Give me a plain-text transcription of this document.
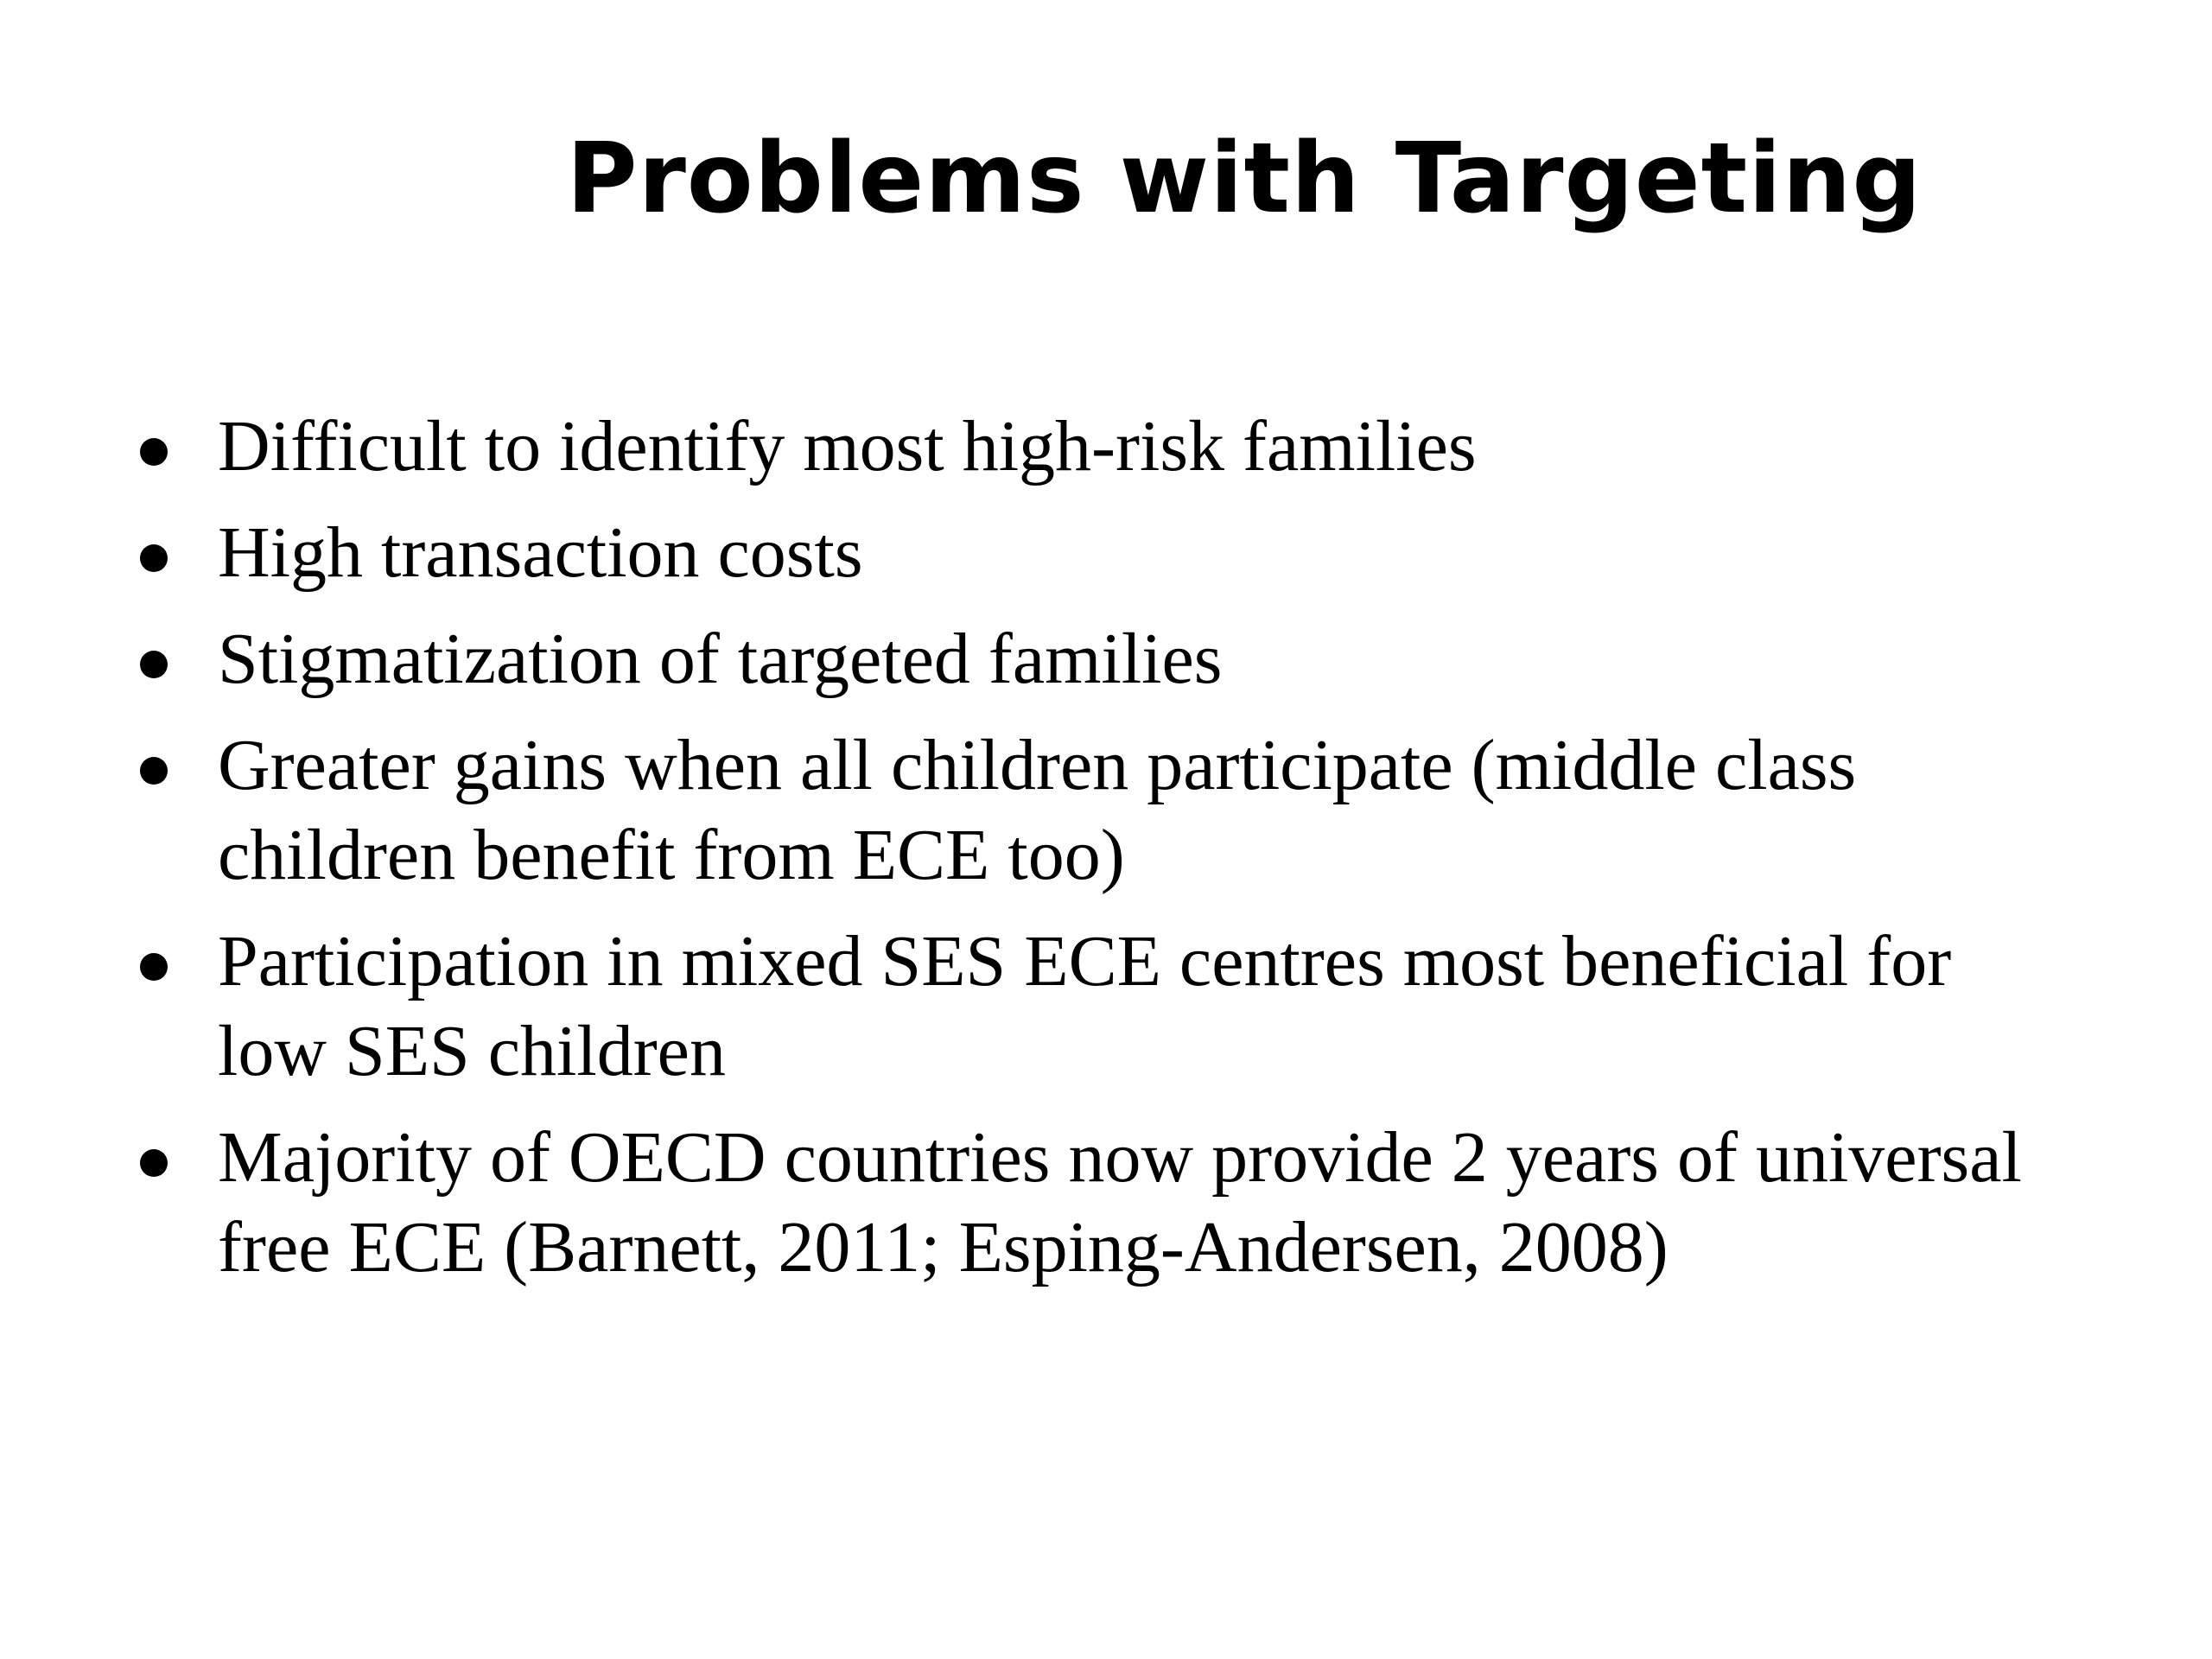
Problems with Targeting
Difficult to identify most high-risk families
High transaction costs
Stigmatization of targeted families
Greater gains when all children participate (middle class
children benefit from ECE too)
Participation in mixed SES ECE centres most beneficial for
low SES children
Majority of OECD countries now provide 2 years of universal
free ECE (Barnett, 2011; Esping-Andersen, 2008)
